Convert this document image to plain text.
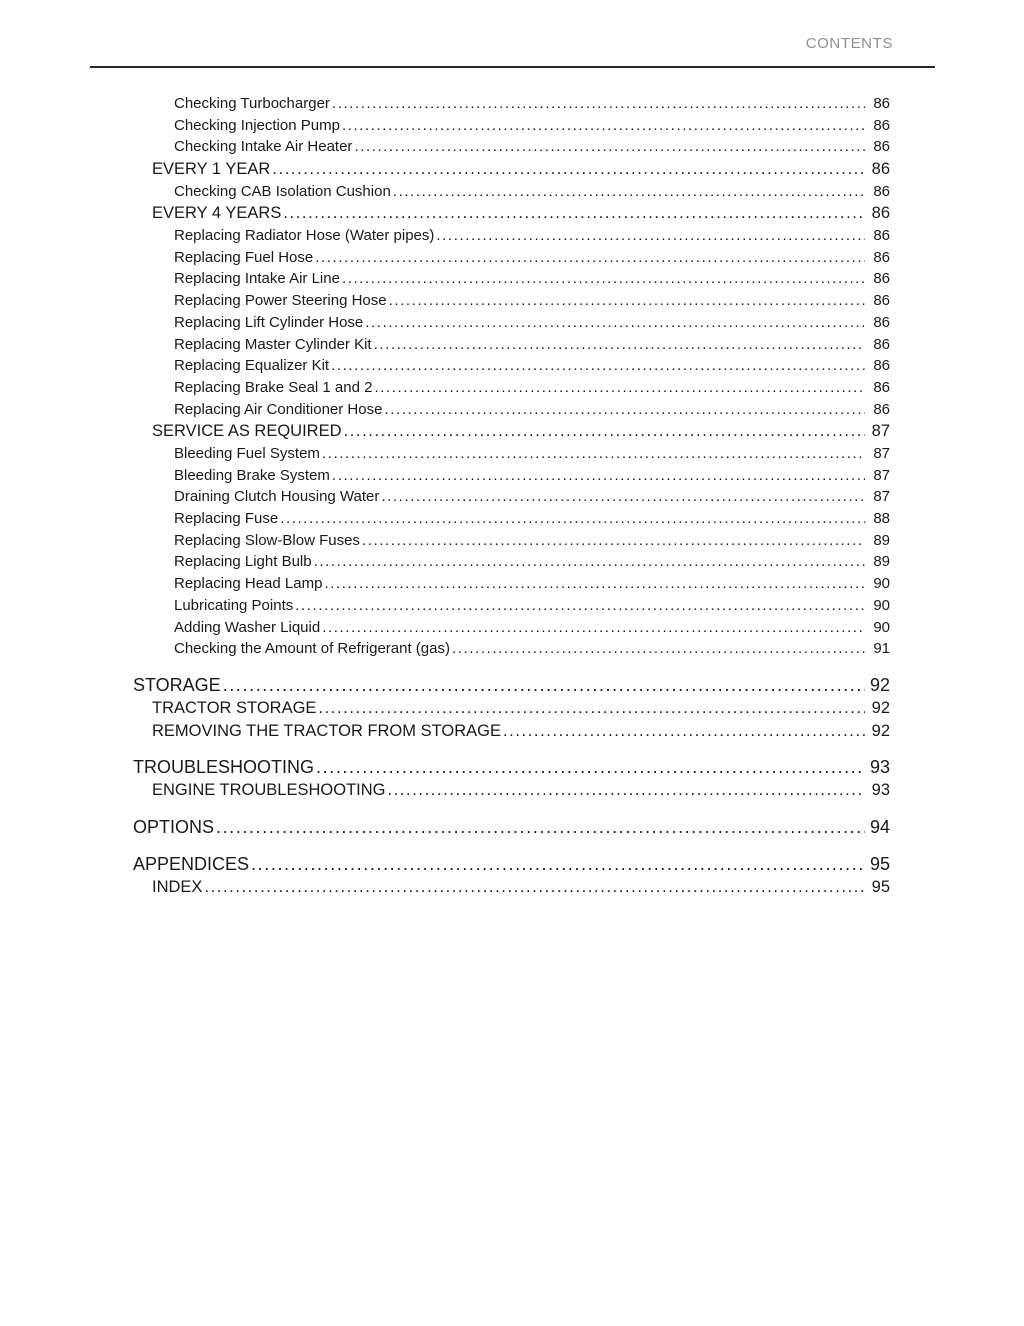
CONTENTS
Checking Turbocharger .....	86
Checking Injection Pump .....	86
Checking Intake Air Heater .....	86
EVERY 1 YEAR .....	86
Checking CAB Isolation Cushion .....	86
EVERY 4 YEARS .....	86
Replacing Radiator Hose (Water pipes) .....	86
Replacing Fuel Hose .....	86
Replacing Intake Air Line .....	86
Replacing Power Steering Hose .....	86
Replacing Lift Cylinder Hose .....	86
Replacing Master Cylinder Kit .....	86
Replacing Equalizer Kit .....	86
Replacing Brake Seal 1 and 2 .....	86
Replacing Air Conditioner Hose .....	86
SERVICE AS REQUIRED .....	87
Bleeding Fuel System .....	87
Bleeding Brake System .....	87
Draining Clutch Housing Water .....	87
Replacing Fuse .....	88
Replacing Slow-Blow Fuses .....	89
Replacing Light Bulb .....	89
Replacing Head Lamp .....	90
Lubricating Points .....	90
Adding Washer Liquid .....	90
Checking the Amount of Refrigerant (gas) .....	91
STORAGE .....	92
TRACTOR STORAGE .....	92
REMOVING THE TRACTOR FROM STORAGE .....	92
TROUBLESHOOTING .....	93
ENGINE TROUBLESHOOTING .....	93
OPTIONS .....	94
APPENDICES .....	95
INDEX .....	95
